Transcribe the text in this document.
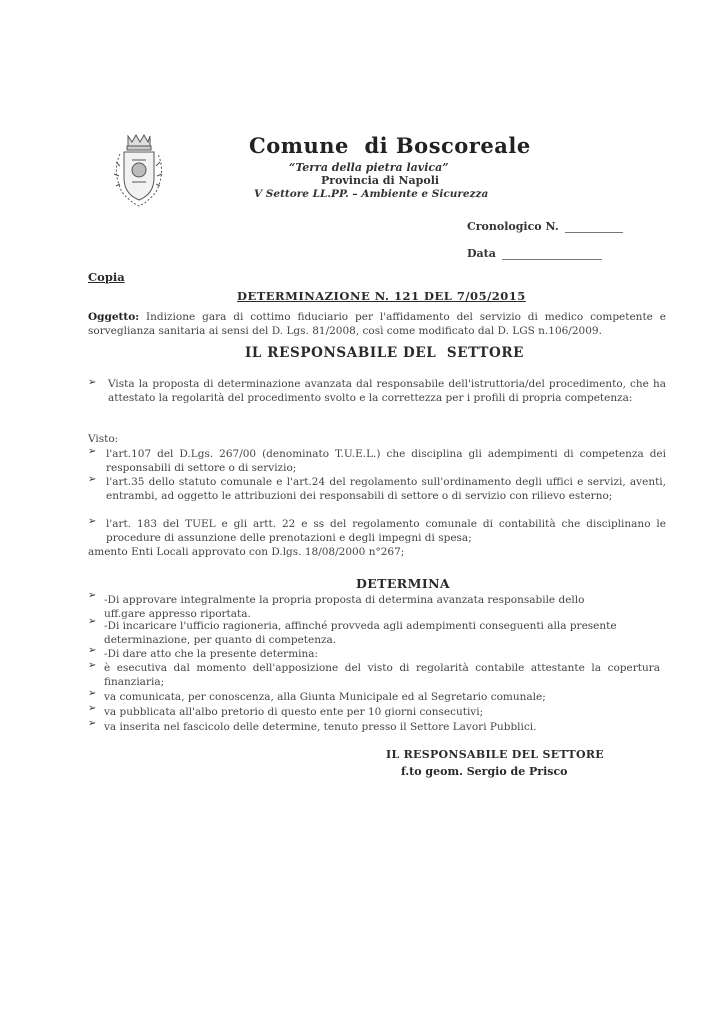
Comune  di Boscoreale
“Terra della pietra lavica”
Provincia di Napoli
V Settore LL.PP. – Ambiente e Sicurezza
Cronologico N.
Data
Copia
DETERMINAZIONE N. 121 DEL 7/05/2015
Oggetto: Indizione gara di cottimo fiduciario per l'affidamento del servizio di medico competente e sorveglianza sanitaria ai sensi del D. Lgs. 81/2008, così come modificato dal D. LGS n.106/2009.
IL RESPONSABILE DEL  SETTORE
➢ Vista la proposta di determinazione avanzata dal responsabile dell'istruttoria/del procedimento, che ha attestato la regolarità del procedimento svolto e la correttezza per i profili di propria competenza:
Visto:
➢ l'art.107 del D.Lgs. 267/00 (denominato T.U.E.L.) che disciplina gli adempimenti di competenza dei responsabili di settore o di servizio;
➢ l'art.35 dello statuto comunale e l'art.24 del regolamento sull'ordinamento degli uffici e servizi, aventi, entrambi, ad oggetto le attribuzioni dei responsabili di settore o di servizio con rilievo esterno;
➢ l'art. 183 del TUEL e gli artt. 22 e ss del regolamento comunale di contabilità che disciplinano le procedure di assunzione delle prenotazioni e degli impegni di spesa;
amento Enti Locali approvato con D.lgs. 18/08/2000 n°267;
DETERMINA
➢ -Di approvare integralmente la propria proposta di determina avanzata responsabile dello uff.gare appresso riportata.
➢ -Di incaricare l'ufficio ragioneria, affinché provveda agli adempimenti conseguenti alla presente determinazione, per quanto di competenza.
➢ -Di dare atto che la presente determina:
➢ è esecutiva dal momento dell'apposizione del visto di regolarità contabile attestante la copertura finanziaria;
➢ va comunicata, per conoscenza, alla Giunta Municipale ed al Segretario comunale;
➢ va pubblicata all'albo pretorio di questo ente per 10 giorni consecutivi;
➢ va inserita nel fascicolo delle determine, tenuto presso il Settore Lavori Pubblici.
IL RESPONSABILE DEL SETTORE
f.to geom. Sergio de Prisco
